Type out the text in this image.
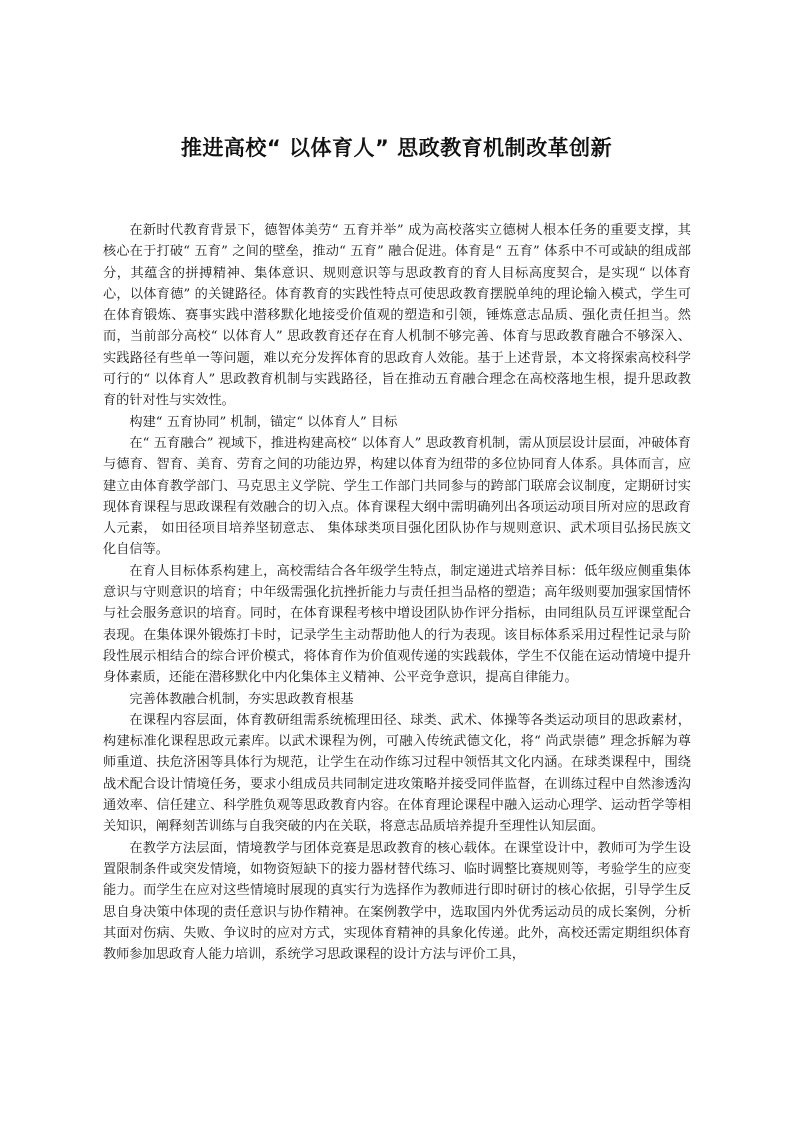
推进高校“ 以体育人” 思政教育机制改革创新

在新时代教育背景下，德智体美劳“ 五育并举” 成为高校落实立德树人根本任务的重要支撑，其核心在于打破“ 五育” 之间的壁垒，推动“ 五育” 融合促进。体育是“ 五育” 体系中不可或缺的组成部分，其蕴含的拼搏精神、集体意识、规则意识等与思政教育的育人目标高度契合，是实现“ 以体育心，以体育德” 的关键路径。体育教育的实践性特点可使思政教育摆脱单纯的理论输入模式，学生可在体育锻炼、赛事实践中潜移默化地接受价值观的塑造和引领，锤炼意志品质、强化责任担当。然而，当前部分高校“ 以体育人” 思政教育还存在育人机制不够完善、体育与思政教育融合不够深入、实践路径有些单一等问题，难以充分发挥体育的思政育人效能。基于上述背景，本文将探索高校科学可行的“ 以体育人” 思政教育机制与实践路径，旨在推动五育融合理念在高校落地生根，提升思政教育的针对性与实效性。

构建“ 五育协同” 机制，锚定“ 以体育人” 目标

在“ 五育融合” 视域下，推进构建高校“ 以体育人” 思政教育机制，需从顶层设计层面，冲破体育与德育、智育、美育、劳育之间的功能边界，构建以体育为纽带的多位协同育人体系。具体而言，应建立由体育教学部门、马克思主义学院、学生工作部门共同参与的跨部门联席会议制度，定期研讨实现体育课程与思政课程有效融合的切入点。体育课程大纲中需明确列出各项运动项目所对应的思政育人元素， 如田径项目培养坚韧意志、 集体球类项目强化团队协作与规则意识、武术项目弘扬民族文化自信等。

在育人目标体系构建上，高校需结合各年级学生特点，制定递进式培养目标：低年级应侧重集体意识与守则意识的培育；中年级需强化抗挫折能力与责任担当品格的塑造；高年级则要加强家国情怀与社会服务意识的培育。同时，在体育课程考核中增设团队协作评分指标，由同组队员互评课堂配合表现。在集体课外锻炼打卡时，记录学生主动帮助他人的行为表现。该目标体系采用过程性记录与阶段性展示相结合的综合评价模式，将体育作为价值观传递的实践载体，学生不仅能在运动情境中提升身体素质，还能在潜移默化中内化集体主义精神、公平竞争意识，提高自律能力。

完善体教融合机制，夯实思政教育根基

在课程内容层面，体育教研组需系统梳理田径、球类、武术、体操等各类运动项目的思政素材，构建标准化课程思政元素库。以武术课程为例，可融入传统武德文化，将“ 尚武崇德” 理念拆解为尊师重道、扶危济困等具体行为规范，让学生在动作练习过程中领悟其文化内涵。在球类课程中，围绕战术配合设计情境任务，要求小组成员共同制定进攻策略并接受同伴监督，在训练过程中自然渗透沟通效率、信任建立、科学胜负观等思政教育内容。在体育理论课程中融入运动心理学、运动哲学等相关知识，阐释刻苦训练与自我突破的内在关联，将意志品质培养提升至理性认知层面。

在教学方法层面，情境教学与团体竞赛是思政教育的核心载体。在课堂设计中，教师可为学生设置限制条件或突发情境，如物资短缺下的接力器材替代练习、临时调整比赛规则等，考验学生的应变能力。而学生在应对这些情境时展现的真实行为选择作为教师进行即时研讨的核心依据，引导学生反思自身决策中体现的责任意识与协作精神。在案例教学中，选取国内外优秀运动员的成长案例，分析其面对伤病、失败、争议时的应对方式，实现体育精神的具象化传递。此外，高校还需定期组织体育教师参加思政育人能力培训，系统学习思政课程的设计方法与评价工具，
